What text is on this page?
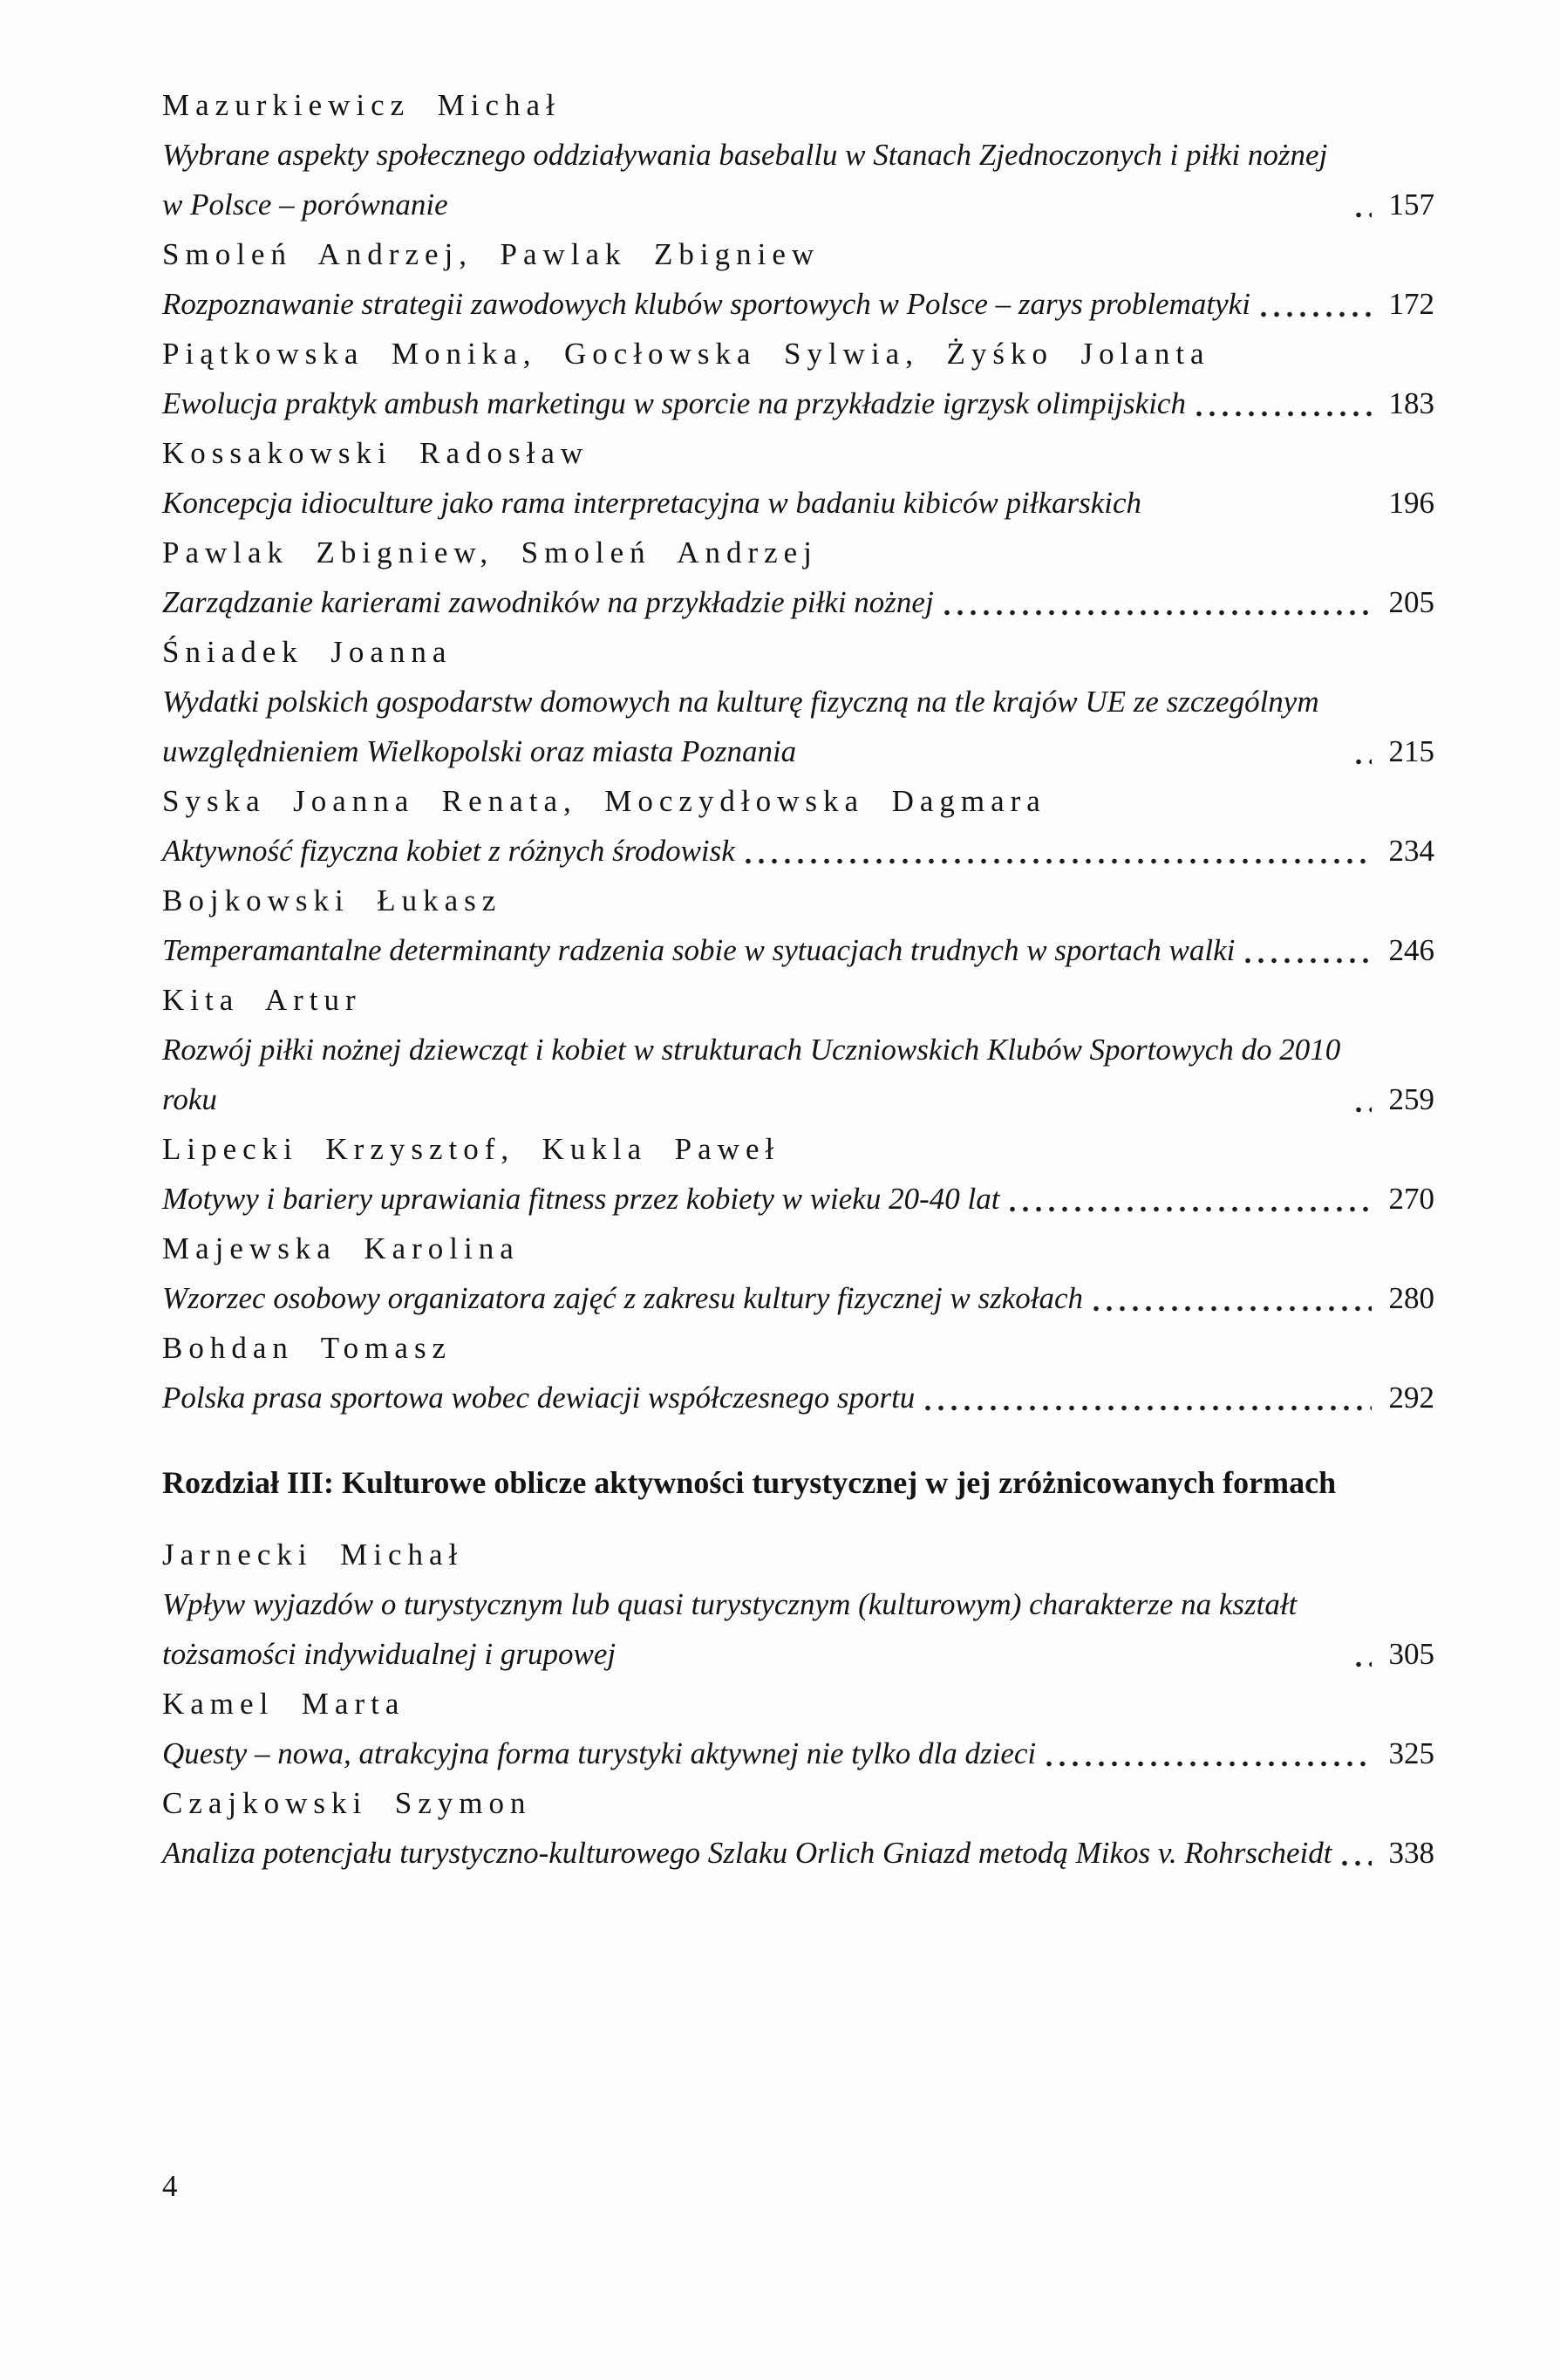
Mazurkiewicz Michał
Wybrane aspekty społecznego oddziaływania baseballu w Stanach Zjednoczonych i piłki nożnej w Polsce – porównanie	157
Smoleń Andrzej, Pawlak Zbigniew
Rozpoznawanie strategii zawodowych klubów sportowych w Polsce – zarys problematyki	172
Piątkowska Monika, Gocłowska Sylwia, Żyśko Jolanta
Ewolucja praktyk ambush marketingu w sporcie na przykładzie igrzysk olimpijskich	183
Kossakowski Radosław
Koncepcja idioculture jako rama interpretacyjna w badaniu kibiców piłkarskich	196
Pawlak Zbigniew, Smoleń Andrzej
Zarządzanie karierami zawodników na przykładzie piłki nożnej	205
Śniadek Joanna
Wydatki polskich gospodarstw domowych na kulturę fizyczną na tle krajów UE ze szczególnym uwzględnieniem Wielkopolski oraz miasta Poznania	215
Syska Joanna Renata, Moczydłowska Dagmara
Aktywność fizyczna kobiet z różnych środowisk	234
Bojkowski Łukasz
Temperamantalne determinanty radzenia sobie w sytuacjach trudnych w sportach walki	246
Kita Artur
Rozwój piłki nożnej dziewcząt i kobiet w strukturach Uczniowskich Klubów Sportowych do 2010 roku	259
Lipecki Krzysztof, Kukla Paweł
Motywy i bariery uprawiania fitness przez kobiety w wieku 20-40 lat	270
Majewska Karolina
Wzorzec osobowy organizatora zajęć z zakresu kultury fizycznej w szkołach	280
Bohdan Tomasz
Polska prasa sportowa wobec dewiacji współczesnego sportu	292
Rozdział III: Kulturowe oblicze aktywności turystycznej w jej zróżnicowanych formach
Jarnecki Michał
Wpływ wyjazdów o turystycznym lub quasi turystycznym (kulturowym) charakterze na kształt tożsamości indywidualnej i grupowej	305
Kamel Marta
Questy – nowa, atrakcyjna forma turystyki aktywnej nie tylko dla dzieci	325
Czajkowski Szymon
Analiza potencjału turystyczno-kulturowego Szlaku Orlich Gniazd metodą Mikos v. Rohrscheidt 338
4
